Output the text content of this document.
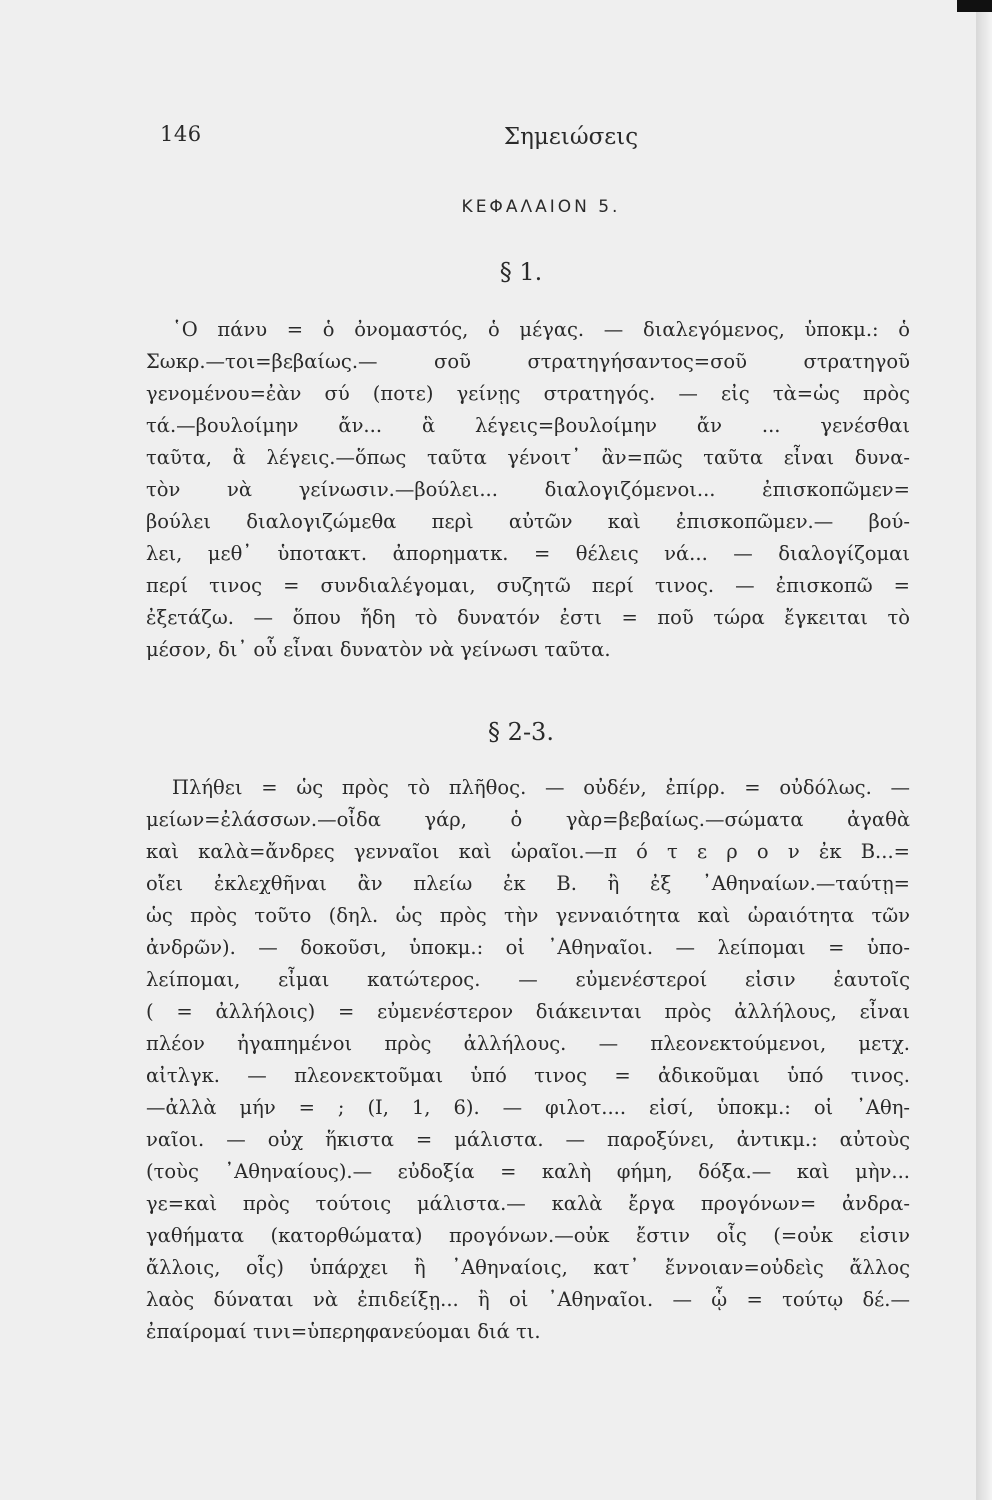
146	Σημειώσεις
ΚΕΦΑΛΑΙΟΝ 5.
§ 1.
῾Ο πάνυ = ὁ ὀνομαστός, ὁ μέγας. — διαλεγόμενος, ὑποκμ.: ὁ
Σωκρ.—τοι=βεβαίως.— σοῦ στρατηγήσαντος=σοῦ στρατηγοῦ
γενομένου=ἐὰν σύ (ποτε) γείνῃς στρατηγός. — εἰς τὰ=ὡς πρὸς
τά.—βουλοίμην ἄν... ἃ λέγεις=βουλοίμην ἄν ... γενέσθαι
ταῦτα, ἃ λέγεις.—ὅπως ταῦτα γένοιτ᾽ ἂν=πῶς ταῦτα εἶναι δυνα-
τὸν νὰ γείνωσιν.—βούλει... διαλογιζόμενοι... ἐπισκοπῶμεν=
βούλει διαλογιζώμεθα περὶ αὐτῶν καὶ ἐπισκοπῶμεν.— βού-
λει, μεθ᾽ ὑποτακτ. ἀπορηματκ. = θέλεις νά... — διαλογίζομαι
περί τινος = συνδιαλέγομαι, συζητῶ περί τινος. — ἐπισκοπῶ =
ἐξετάζω. — ὅπου ἤδη τὸ δυνατόν ἐστι = ποῦ τώρα ἔγκειται τὸ
μέσον, δι᾽ οὗ εἶναι δυνατὸν νὰ γείνωσι ταῦτα.
§ 2-3.
Πλήθει = ὡς πρὸς τὸ πλῆθος. — οὐδέν, ἐπίρρ. = οὐδόλως. —
μείων=ἐλάσσων.—οἶδα γάρ, ὁ γὰρ=βεβαίως.—σώματα ἀγαθὰ
καὶ καλὰ=ἄνδρες γενναῖοι καὶ ὡραῖοι.—π ό τ ε ρ ο ν ἐκ Β...=
οἴει ἐκλεχθῆναι ἂν πλείω ἐκ Β. ἢ ἐξ ᾽Αθηναίων.—ταύτῃ=
ὡς πρὸς τοῦτο (δηλ. ὡς πρὸς τὴν γενναιότητα καὶ ὡραιότητα τῶν
ἀνδρῶν). — δοκοῦσι, ὑποκμ.: οἱ ᾽Αθηναῖοι. — λείπομαι = ὑπο-
λείπομαι, εἶμαι κατώτερος. — εὐμενέστεροί εἰσιν ἑαυτοῖς
( = ἀλλήλοις) = εὐμενέστερον διάκεινται πρὸς ἀλλήλους, εἶναι
πλέον ἠγαπημένοι πρὸς ἀλλήλους. — πλεονεκτούμενοι, μετχ.
αἰτλγκ. — πλεονεκτοῦμαι ὑπό τινος = ἀδικοῦμαι ὑπό τινος.
—ἀλλὰ μήν = ; (I, 1, 6). — φιλοτ.... εἰσί, ὑποκμ.: οἱ ᾽Αθη-
ναῖοι. — οὐχ ἥκιστα = μάλιστα. — παροξύνει, ἀντικμ.: αὐτοὺς
(τοὺς ᾽Αθηναίους).— εὐδοξία = καλὴ φήμη, δόξα.— καὶ μὴν...
γε=καὶ πρὸς τούτοις μάλιστα.— καλὰ ἔργα προγόνων= ἀνδρα-
γαθήματα (κατορθώματα) προγόνων.—οὐκ ἔστιν οἷς (=οὐκ εἰσιν
ἄλλοις, οἷς) ὑπάρχει ἢ ᾽Αθηναίοις, κατ᾽ ἔννοιαν=οὐδεὶς ἄλλος
λαὸς δύναται νὰ ἐπιδείξῃ... ἢ οἱ ᾽Αθηναῖοι. — ᾧ = τούτῳ δέ.—
ἐπαίρομαί τινι=ὑπερηφανεύομαι διά τι.
